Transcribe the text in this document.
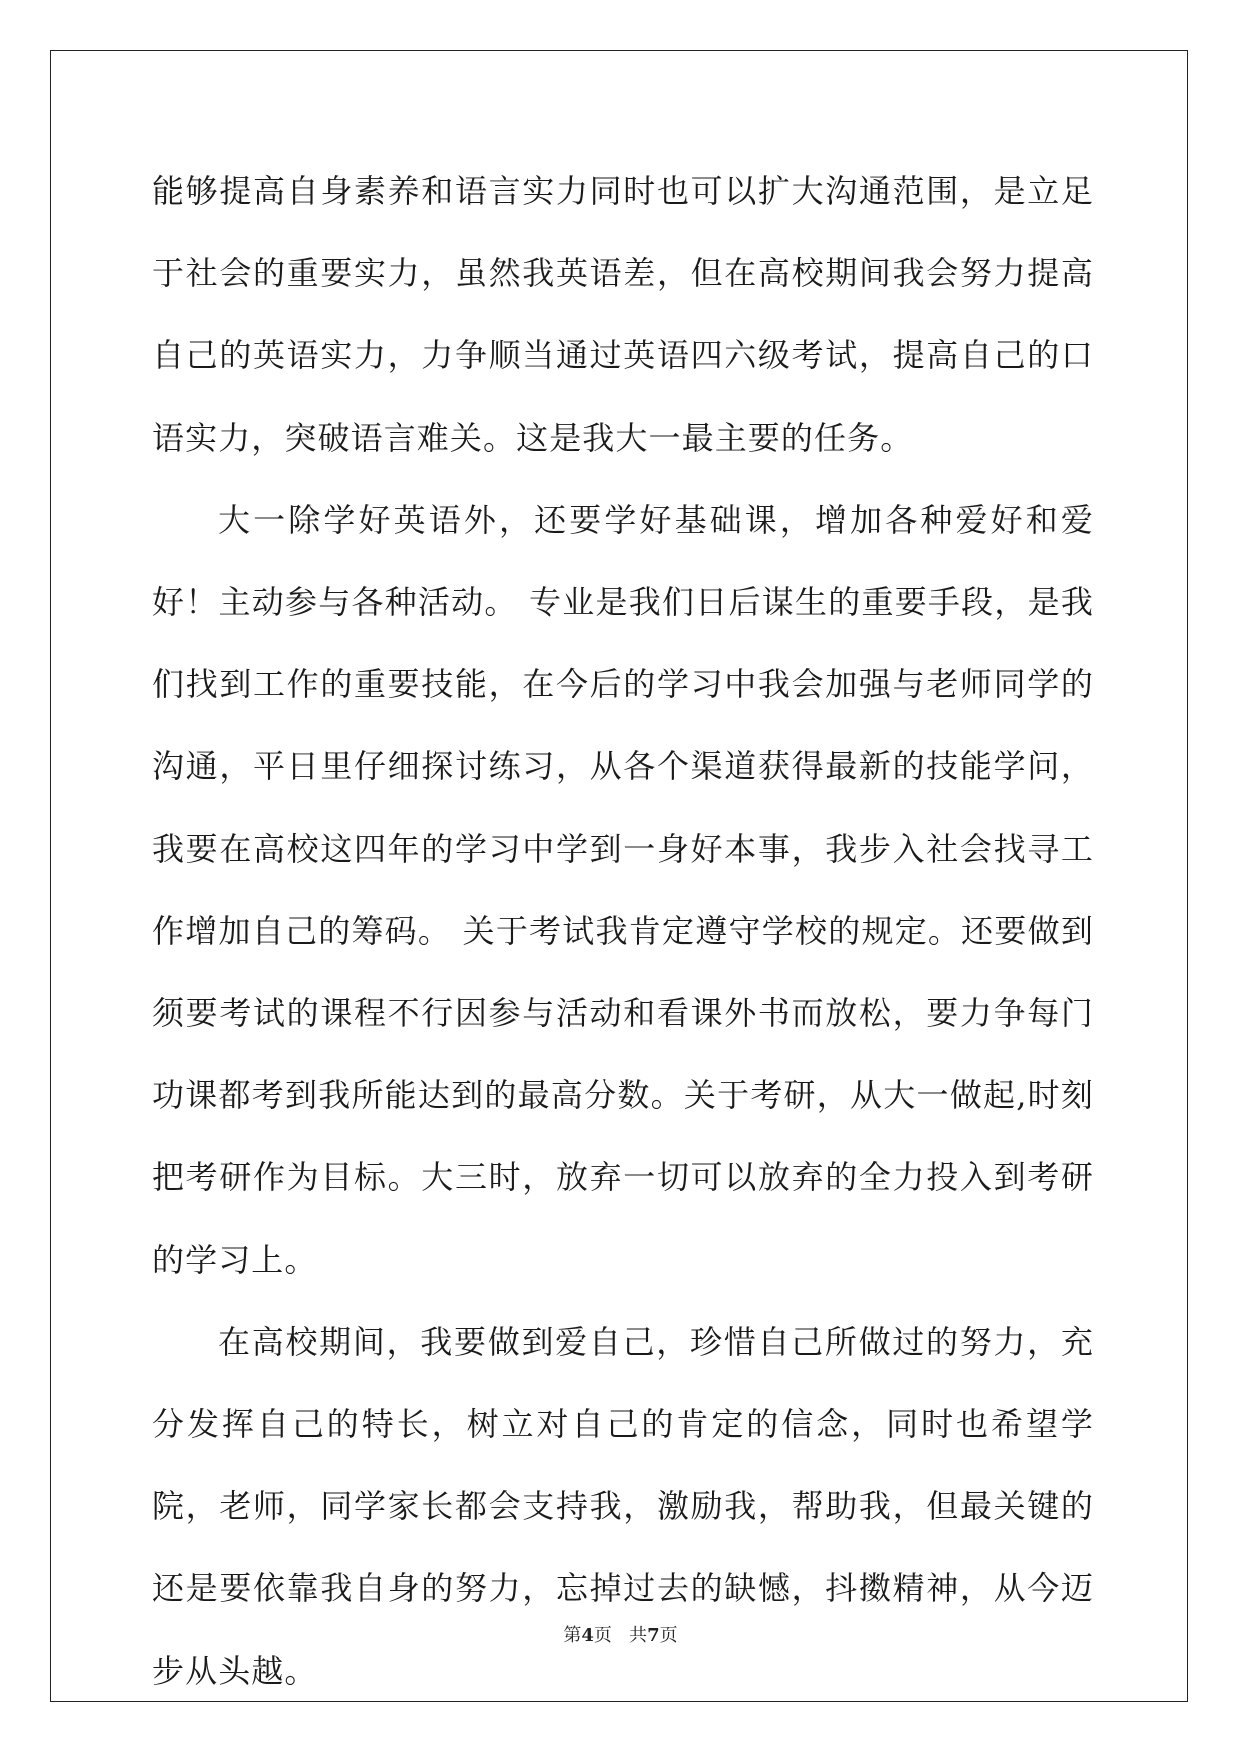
能够提高自身素养和语言实力同时也可以扩大沟通范围，是立足于社会的重要实力，虽然我英语差，但在高校期间我会努力提高自己的英语实力，力争顺当通过英语四六级考试，提高自己的口语实力，突破语言难关。这是我大一最主要的任务。

大一除学好英语外，还要学好基础课，增加各种爱好和爱好！主动参与各种活动。 专业是我们日后谋生的重要手段，是我们找到工作的重要技能，在今后的学习中我会加强与老师同学的沟通，平日里仔细探讨练习，从各个渠道获得最新的技能学问，我要在高校这四年的学习中学到一身好本事，我步入社会找寻工作增加自己的筹码。 关于考试我肯定遵守学校的规定。还要做到须要考试的课程不行因参与活动和看课外书而放松，要力争每门功课都考到我所能达到的最高分数。关于考研，从大一做起,时刻把考研作为目标。大三时，放弃一切可以放弃的全力投入到考研的学习上。

在高校期间，我要做到爱自己，珍惜自己所做过的努力，充分发挥自己的特长，树立对自己的肯定的信念，同时也希望学院，老师，同学家长都会支持我，激励我，帮助我，但最关键的还是要依靠我自身的努力，忘掉过去的缺憾，抖擞精神，从今迈步从头越。

第4页 共7页
